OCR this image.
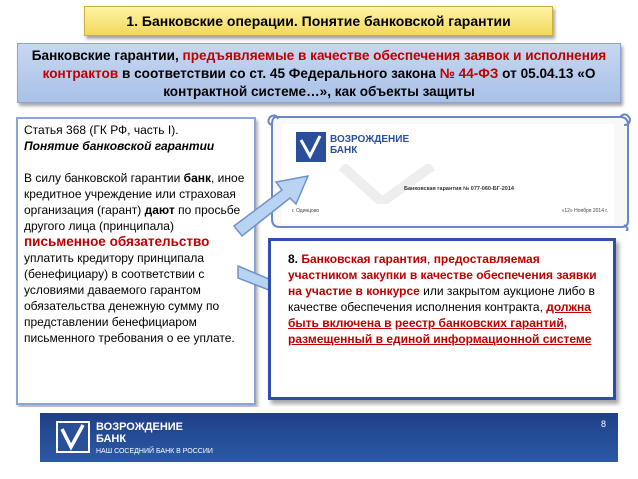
1. Банковские операции. Понятие банковской гарантии
Банковские гарантии, предъявляемые в качестве обеспечения заявок и исполнения контрактов в соответствии со ст. 45 Федерального закона № 44-ФЗ от 05.04.13 «О контрактной системе…», как объекты защиты

Статья 368 (ГК РФ, часть I).

Понятие банковской гарантии

В силу банковской гарантии банк, иное кредитное учреждение или страховая организация (гарант) дают по просьбе другого лица (принципала) письменное обязательство уплатить кредитору принципала (бенефициару) в соответствии с условиями даваемого гарантом обязательства денежную сумму по представлении бенефициаром письменного требования о ее уплате.

ВОЗРОЖДЕНИЕ
БАНК
Банковская гарантия № 077-060-БГ-2014
г. Одинцово	«12» Ноября 2014 г.

8. Банковская гарантия, предоставляемая участником закупки в качестве обеспечения заявки на участие в конкурсе или закрытом аукционе либо в качестве обеспечения исполнения контракта, должна быть включена в реестр банковских гарантий, размещенный в единой информационной системе

ВОЗРОЖДЕНИЕ
БАНК
НАШ СОСЕДНИЙ БАНК В РОССИИ
8
